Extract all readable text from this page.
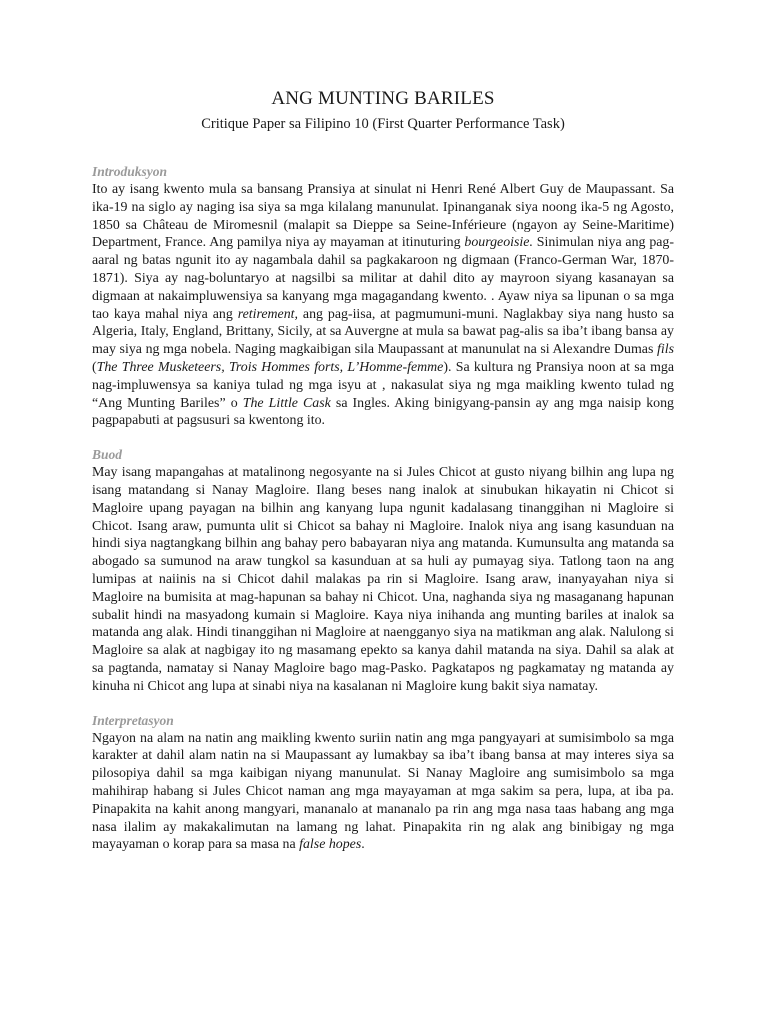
ANG MUNTING BARILES

Critique Paper sa Filipino 10 (First Quarter Performance Task)

Introduksyon

Ito ay isang kwento mula sa bansang Pransiya at sinulat ni Henri René Albert Guy de Maupassant. Sa ika-19 na siglo ay naging isa siya sa mga kilalang manunulat. Ipinanganak siya noong ika-5 ng Agosto, 1850 sa Château de Miromesnil (malapit sa Dieppe sa Seine-Inférieure (ngayon ay Seine-Maritime) Department, France. Ang pamilya niya ay mayaman at itinuturing bourgeoisie. Sinimulan niya ang pag-aaral ng batas ngunit ito ay nagambala dahil sa pagkakaroon ng digmaan (Franco-German War, 1870-1871). Siya ay nag-boluntaryo at nagsilbi sa militar at dahil dito ay mayroon siyang kasanayan sa digmaan at nakaimpluwensiya sa kanyang mga magagandang kwento. . Ayaw niya sa lipunan o sa mga tao kaya mahal niya ang retirement, ang pag-iisa, at pagmumuni-muni. Naglakbay siya nang husto sa Algeria, Italy, England, Brittany, Sicily, at sa Auvergne at mula sa bawat pag-alis sa iba’t ibang bansa ay may siya ng mga nobela. Naging magkaibigan sila Maupassant at manunulat na si Alexandre Dumas fils (The Three Musketeers, Trois Hommes forts, L’Homme-femme). Sa kultura ng Pransiya noon at sa mga nag-impluwensya sa kaniya tulad ng mga isyu at , nakasulat siya ng mga maikling kwento tulad ng “Ang Munting Bariles” o The Little Cask sa Ingles. Aking binigyang-pansin ay ang mga naisip kong pagpapabuti at pagsusuri sa kwentong ito.

Buod

May isang mapangahas at matalinong negosyante na si Jules Chicot at gusto niyang bilhin ang lupa ng isang matandang si Nanay Magloire. Ilang beses nang inalok at sinubukan hikayatin ni Chicot si Magloire upang payagan na bilhin ang kanyang lupa ngunit kadalasang tinanggihan ni Magloire si Chicot. Isang araw, pumunta ulit si Chicot sa bahay ni Magloire. Inalok niya ang isang kasunduan na hindi siya nagtangkang bilhin ang bahay pero babayaran niya ang matanda. Kumunsulta ang matanda sa abogado sa sumunod na araw tungkol sa kasunduan at sa huli ay pumayag siya. Tatlong taon na ang lumipas at naiinis na si Chicot dahil malakas pa rin si Magloire. Isang araw, inanyayahan niya si Magloire na bumisita at mag-hapunan sa bahay ni Chicot. Una, naghanda siya ng masaganang hapunan subalit hindi na masyadong kumain si Magloire. Kaya niya inihanda ang munting bariles at inalok sa matanda ang alak. Hindi tinanggihan ni Magloire at naengganyo siya na matikman ang alak. Nalulong si Magloire sa alak at nagbigay ito ng masamang epekto sa kanya dahil matanda na siya. Dahil sa alak at sa pagtanda, namatay si Nanay Magloire bago mag-Pasko. Pagkatapos ng pagkamatay ng matanda ay kinuha ni Chicot ang lupa at sinabi niya na kasalanan ni Magloire kung bakit siya namatay.

Interpretasyon

Ngayon na alam na natin ang maikling kwento suriin natin ang mga pangyayari at sumisimbolo sa mga karakter at dahil alam natin na si Maupassant ay lumakbay sa iba’t ibang bansa at may interes siya sa pilosopiya dahil sa mga kaibigan niyang manunulat. Si Nanay Magloire ang sumisimbolo sa mga mahihirap habang si Jules Chicot naman ang mga mayayaman at mga sakim sa pera, lupa, at iba pa. Pinapakita na kahit anong mangyari, mananalo at mananalo pa rin ang mga nasa taas habang ang mga nasa ilalim ay makakalimutan na lamang ng lahat. Pinapakita rin ng alak ang binibigay ng mga mayayaman o korap para sa masa na false hopes.
